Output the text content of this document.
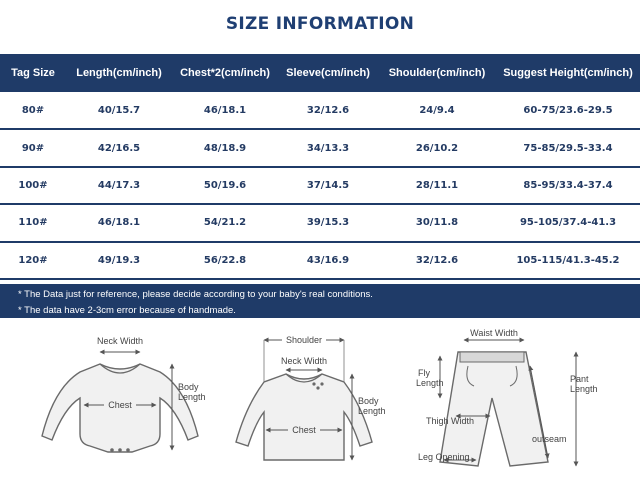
SIZE INFORMATION
Tag Size	Length(cm/inch)	Chest*2(cm/inch)	Sleeve(cm/inch)	Shoulder(cm/inch)	Suggest Height(cm/inch)
80#	40/15.7	46/18.1	32/12.6	24/9.4	60-75/23.6-29.5
90#	42/16.5	48/18.9	34/13.3	26/10.2	75-85/29.5-33.4
100#	44/17.3	50/19.6	37/14.5	28/11.1	85-95/33.4-37.4
110#	46/18.1	54/21.2	39/15.3	30/11.8	95-105/37.4-41.3
120#	49/19.3	56/22.8	43/16.9	32/12.6	105-115/41.3-45.2
* The Data just for reference, please decide according to your baby's real conditions.
* The data have 2-3cm error because of handmade.
Neck Width
Chest
Body
Length
Shoulder
Neck Width
Chest
Body
Length
Waist Width
Fly
Length
Thigh Width
Leg Opening
outseam
Pant
Length
